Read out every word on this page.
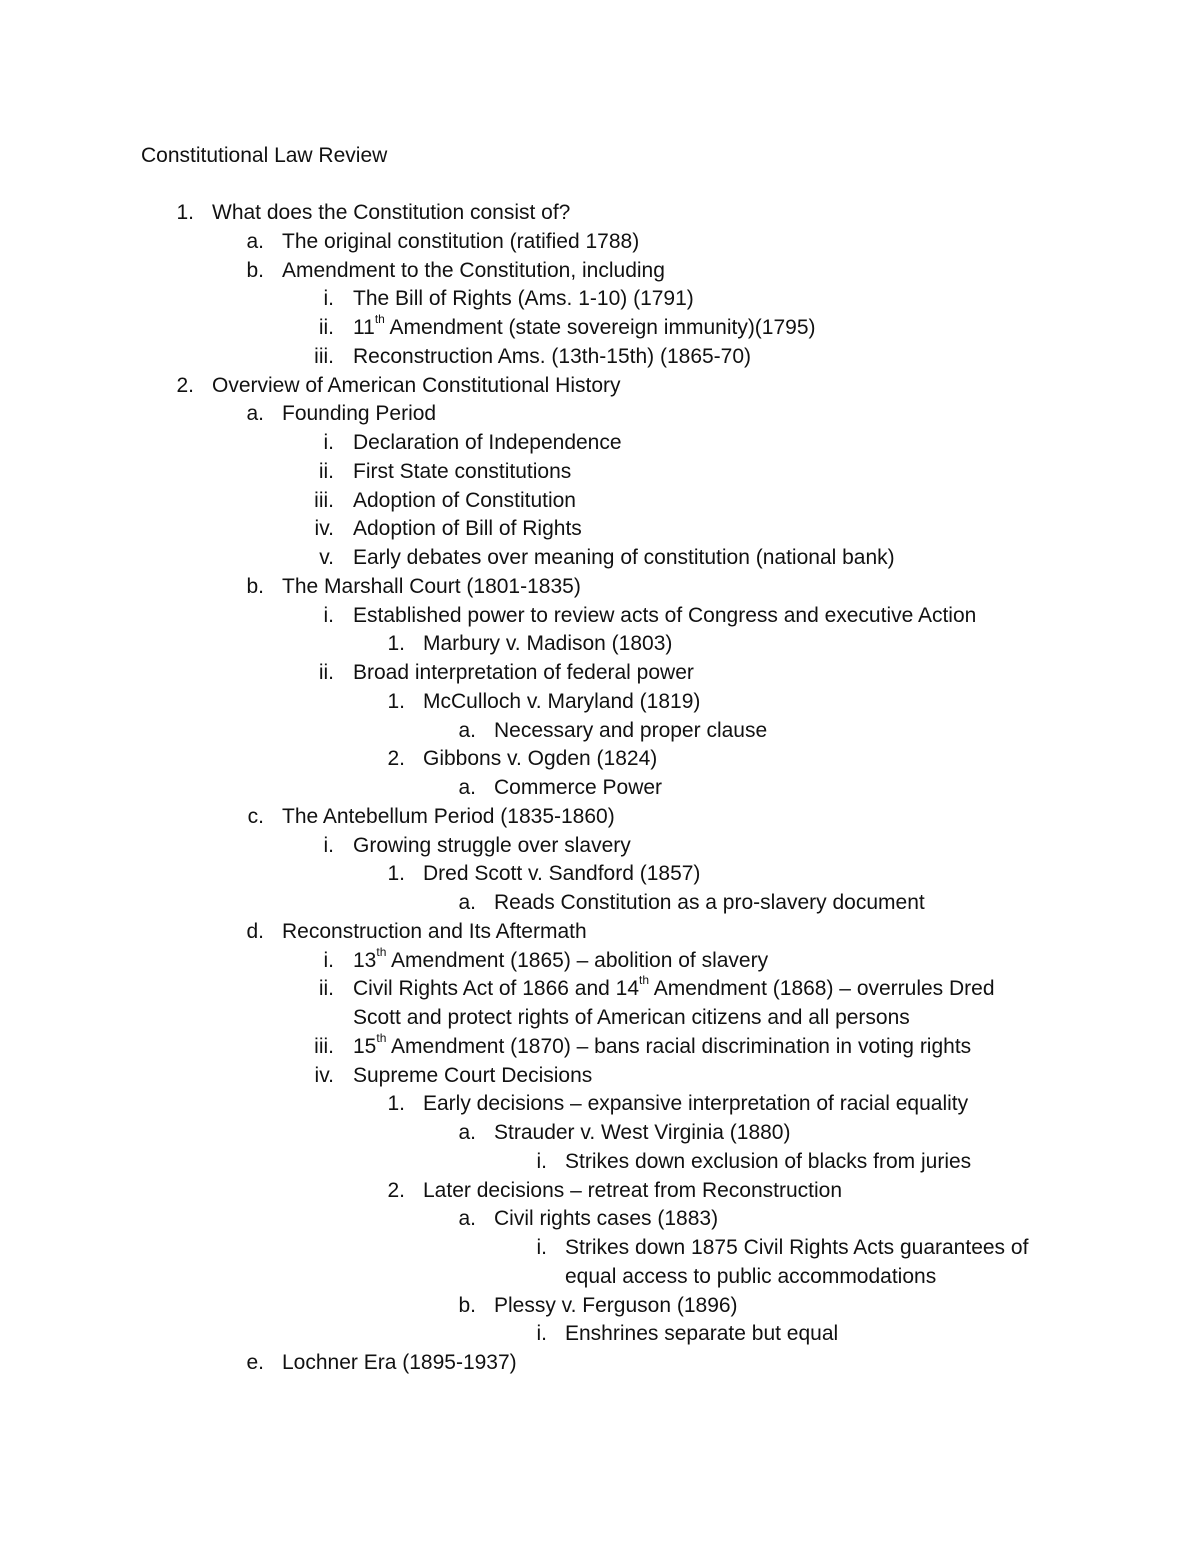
Constitutional Law Review
1. What does the Constitution consist of?
a. The original constitution (ratified 1788)
b. Amendment to the Constitution, including
i. The Bill of Rights (Ams. 1-10) (1791)
ii. 11th Amendment (state sovereign immunity)(1795)
iii. Reconstruction Ams. (13th-15th) (1865-70)
2. Overview of American Constitutional History
a. Founding Period
i. Declaration of Independence
ii. First State constitutions
iii. Adoption of Constitution
iv. Adoption of Bill of Rights
v. Early debates over meaning of constitution (national bank)
b. The Marshall Court (1801-1835)
i. Established power to review acts of Congress and executive Action
1. Marbury v. Madison (1803)
ii. Broad interpretation of federal power
1. McCulloch v. Maryland (1819)
a. Necessary and proper clause
2. Gibbons v. Ogden (1824)
a. Commerce Power
c. The Antebellum Period (1835-1860)
i. Growing struggle over slavery
1. Dred Scott v. Sandford (1857)
a. Reads Constitution as a pro-slavery document
d. Reconstruction and Its Aftermath
i. 13th Amendment (1865) – abolition of slavery
ii. Civil Rights Act of 1866 and 14th Amendment (1868) – overrules Dred
Scott and protect rights of American citizens and all persons
iii. 15th Amendment (1870) – bans racial discrimination in voting rights
iv. Supreme Court Decisions
1. Early decisions – expansive interpretation of racial equality
a. Strauder v. West Virginia (1880)
i. Strikes down exclusion of blacks from juries
2. Later decisions – retreat from Reconstruction
a. Civil rights cases (1883)
i. Strikes down 1875 Civil Rights Acts guarantees of
equal access to public accommodations
b. Plessy v. Ferguson (1896)
i. Enshrines separate but equal
e. Lochner Era (1895-1937)
